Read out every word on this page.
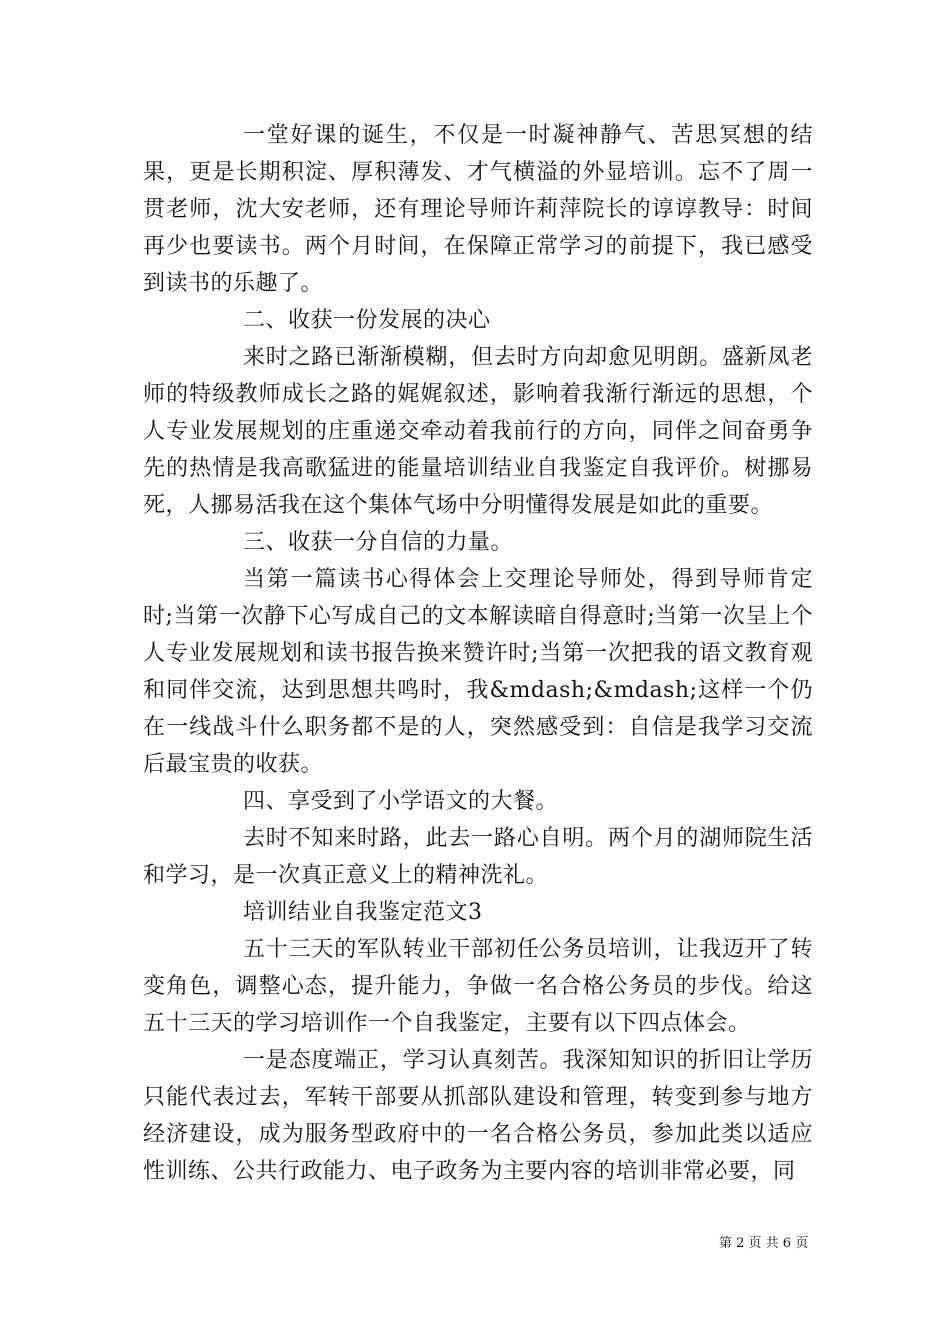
一堂好课的诞生，不仅是一时凝神静气、苦思冥想的结果，更是长期积淀、厚积薄发、才气横溢的外显培训。忘不了周一贯老师，沈大安老师，还有理论导师许莉萍院长的谆谆教导：时间再少也要读书。两个月时间，在保障正常学习的前提下，我已感受到读书的乐趣了。

二、收获一份发展的决心

来时之路已渐渐模糊，但去时方向却愈见明朗。盛新凤老师的特级教师成长之路的娓娓叙述，影响着我渐行渐远的思想，个人专业发展规划的庄重递交牵动着我前行的方向，同伴之间奋勇争先的热情是我高歌猛进的能量培训结业自我鉴定自我评价。树挪易死，人挪易活我在这个集体气场中分明懂得发展是如此的重要。

三、收获一分自信的力量。

当第一篇读书心得体会上交理论导师处，得到导师肯定时;当第一次静下心写成自己的文本解读暗自得意时;当第一次呈上个人专业发展规划和读书报告换来赞许时;当第一次把我的语文教育观和同伴交流，达到思想共鸣时，我&mdash;&mdash;这样一个仍在一线战斗什么职务都不是的人，突然感受到：自信是我学习交流后最宝贵的收获。

四、享受到了小学语文的大餐。

去时不知来时路，此去一路心自明。两个月的湖师院生活和学习，是一次真正意义上的精神洗礼。

培训结业自我鉴定范文3

五十三天的军队转业干部初任公务员培训，让我迈开了转变角色，调整心态，提升能力，争做一名合格公务员的步伐。给这五十三天的学习培训作一个自我鉴定，主要有以下四点体会。

一是态度端正，学习认真刻苦。我深知知识的折旧让学历只能代表过去，军转干部要从抓部队建设和管理，转变到参与地方经济建设，成为服务型政府中的一名合格公务员，参加此类以适应性训练、公共行政能力、电子政务为主要内容的培训非常必要，同

第 2 页 共 6 页
